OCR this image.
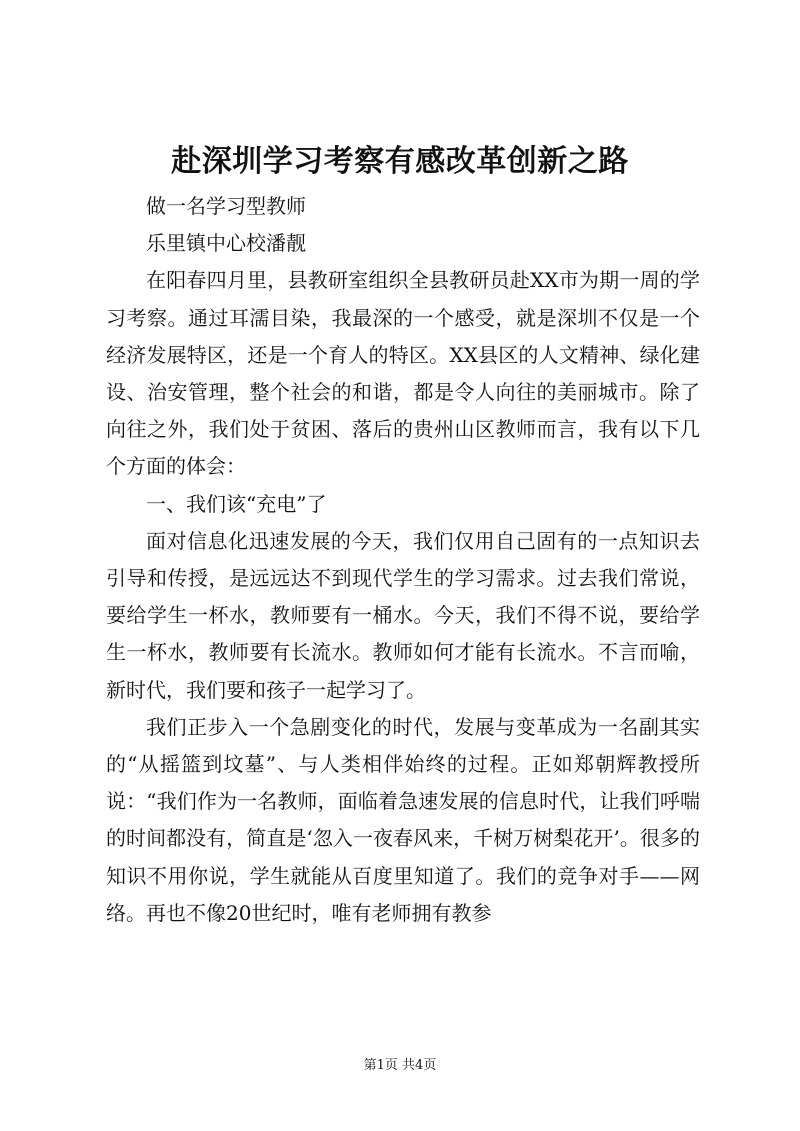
赴深圳学习考察有感改革创新之路

做一名学习型教师

乐里镇中心校潘靓

在阳春四月里，县教研室组织全县教研员赴XX市为期一周的学习考察。通过耳濡目染，我最深的一个感受，就是深圳不仅是一个经济发展特区，还是一个育人的特区。XX县区的人文精神、绿化建设、治安管理，整个社会的和谐，都是令人向往的美丽城市。除了向往之外，我们处于贫困、落后的贵州山区教师而言，我有以下几个方面的体会：

一、我们该“充电”了

面对信息化迅速发展的今天，我们仅用自己固有的一点知识去引导和传授，是远远达不到现代学生的学习需求。过去我们常说，要给学生一杯水，教师要有一桶水。今天，我们不得不说，要给学生一杯水，教师要有长流水。教师如何才能有长流水。不言而喻，新时代，我们要和孩子一起学习了。

我们正步入一个急剧变化的时代，发展与变革成为一名副其实的“从摇篮到坟墓”、与人类相伴始终的过程。正如郑朝辉教授所说：“我们作为一名教师，面临着急速发展的信息时代，让我们呼喘的时间都没有，简直是‘忽入一夜春风来，千树万树梨花开’。很多的知识不用你说，学生就能从百度里知道了。我们的竞争对手——网络。再也不像20世纪时，唯有老师拥有教参

第1页 共4页
